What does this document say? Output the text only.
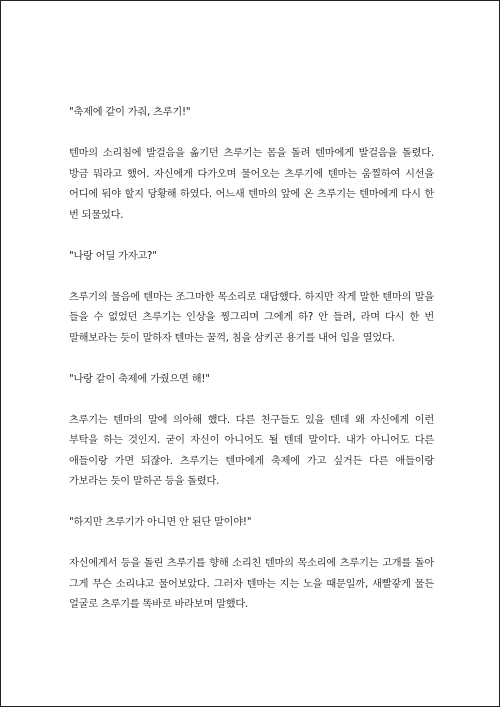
"축제에 같이 가줘, 츠루기!"

텐마의 소리침에 발걸음을 옮기던 츠루기는 몸을 돌려 텐마에게 발걸음을 돌렸다. 방금 뭐라고 했어. 자신에게 다가오며 물어오는 츠루기에 텐마는 움찔하여 시선을 어디에 둬야 할지 당황해 하였다. 어느새 텐마의 앞에 온 츠루기는 텐마에게 다시 한 번 되물었다.

"나랑 어딜 가자고?"

츠루기의 물음에 텐마는 조그마한 목소리로 대답했다. 하지만 작게 말한 텐마의 말을 들을 수 없었던 츠루기는 인상을 찡그리며 그에게 하? 안 들려, 라며 다시 한 번 말해보라는 듯이 말하자 텐마는 꿀꺽, 침을 삼키곤 용기를 내어 입을 열었다.

"나랑 같이 축제에 가줬으면 해!"

츠루기는 텐마의 말에 의아해 했다. 다른 친구들도 있을 텐데 왜 자신에게 이런 부탁을 하는 것인지. 굳이 자신이 아니어도 될 텐데 말이다. 내가 아니어도 다른 애들이랑 가면 되잖아. 츠루기는 텐마에게 축제에 가고 싶거든 다른 애들이랑 가보라는 듯이 말하곤 등을 돌렸다.

"하지만 츠루기가 아니면 안 된단 말이야!"

자신에게서 등을 돌린 츠루기를 향해 소리친 텐마의 목소리에 츠루기는 고개를 돌아 그게 무슨 소리냐고 물어보았다. 그러자 텐마는 지는 노을 때문일까, 새빨갛게 물든 얼굴로 츠루기를 똑바로 바라보며 말했다.
